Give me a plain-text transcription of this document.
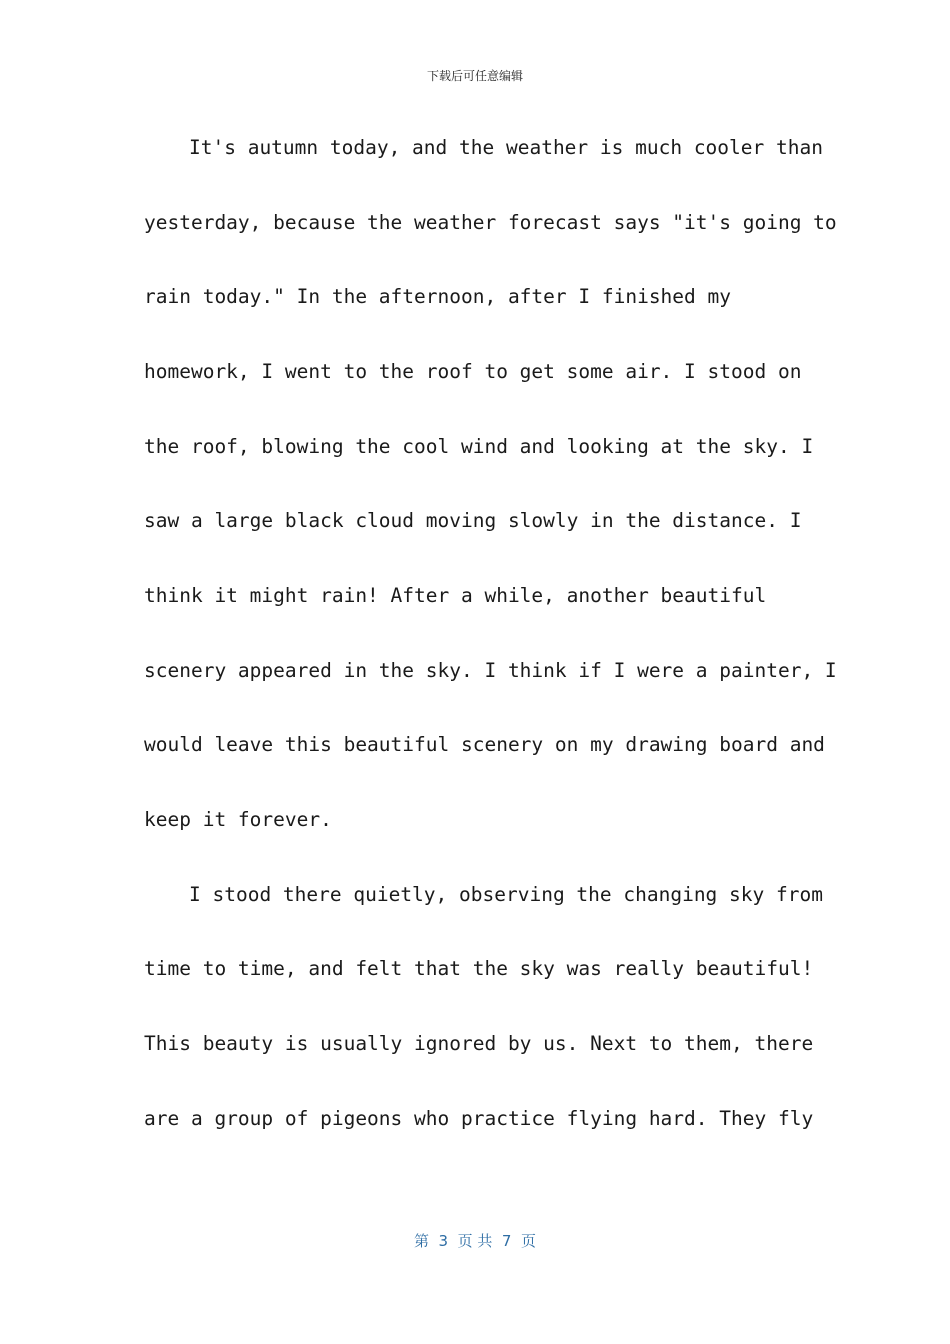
下载后可任意编辑
It's autumn today, and the weather is much cooler than
yesterday, because the weather forecast says "it's going to
rain today." In the afternoon, after I finished my
homework, I went to the roof to get some air. I stood on
the roof, blowing the cool wind and looking at the sky. I
saw a large black cloud moving slowly in the distance. I
think it might rain! After a while, another beautiful
scenery appeared in the sky. I think if I were a painter, I
would leave this beautiful scenery on my drawing board and
keep it forever.
I stood there quietly, observing the changing sky from
time to time, and felt that the sky was really beautiful!
This beauty is usually ignored by us. Next to them, there
are a group of pigeons who practice flying hard. They fly
第  3  页 共  7  页
